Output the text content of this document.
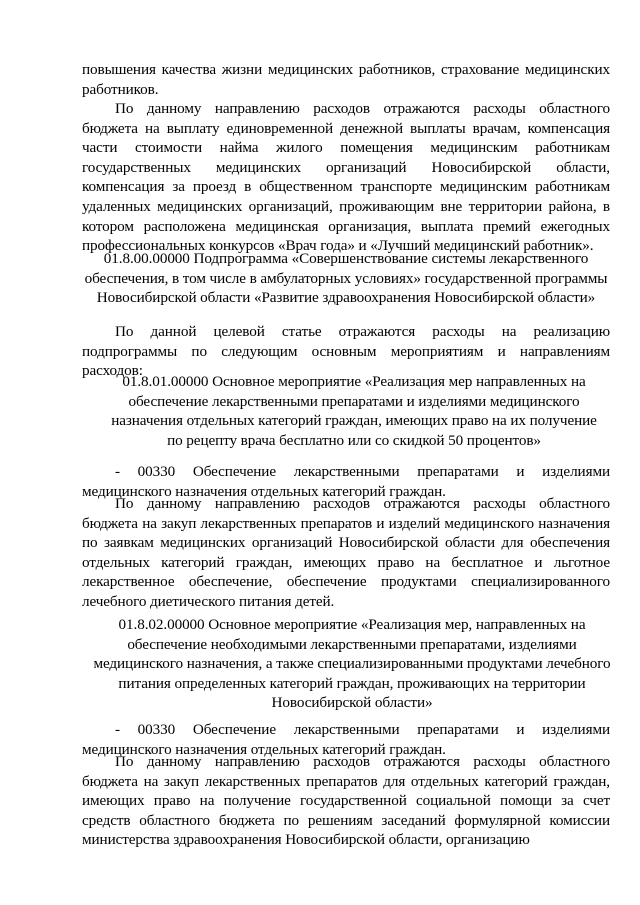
повышения качества жизни медицинских работников, страхование медицинских работников.

По данному направлению расходов отражаются расходы областного бюджета на выплату единовременной денежной выплаты врачам, компенсация части стоимости найма жилого помещения медицинским работникам государственных медицинских организаций Новосибирской области, компенсация за проезд в общественном транспорте медицинским работникам удаленных медицинских организаций, проживающим вне территории района, в котором расположена медицинская организация, выплата премий ежегодных профессиональных конкурсов «Врач года» и «Лучший медицинский работник».

01.8.00.00000 Подпрограмма «Совершенствование системы лекарственного обеспечения, в том числе в амбулаторных условиях» государственной программы Новосибирской области «Развитие здравоохранения Новосибирской области»

По данной целевой статье отражаются расходы на реализацию подпрограммы по следующим основным мероприятиям и направлениям расходов:

01.8.01.00000 Основное мероприятие «Реализация мер направленных на обеспечение лекарственными препаратами и изделиями медицинского назначения отдельных категорий граждан, имеющих право на их получение по рецепту врача бесплатно или со скидкой 50 процентов»

- 00330 Обеспечение лекарственными препаратами и изделиями медицинского назначения отдельных категорий граждан.

По данному направлению расходов отражаются расходы областного бюджета на закуп лекарственных препаратов и изделий медицинского назначения по заявкам медицинских организаций Новосибирской области для обеспечения отдельных категорий граждан, имеющих право на бесплатное и льготное лекарственное обеспечение, обеспечение продуктами специализированного лечебного диетического питания детей.

01.8.02.00000 Основное мероприятие «Реализация мер, направленных на обеспечение необходимыми лекарственными препаратами, изделиями медицинского назначения, а также специализированными продуктами лечебного питания определенных категорий граждан, проживающих на территории Новосибирской области»

- 00330 Обеспечение лекарственными препаратами и изделиями медицинского назначения отдельных категорий граждан.

По данному направлению расходов отражаются расходы областного бюджета на закуп лекарственных препаратов для отдельных категорий граждан, имеющих право на получение государственной социальной помощи за счет средств областного бюджета по решениям заседаний формулярной комиссии министерства здравоохранения Новосибирской области, организацию
